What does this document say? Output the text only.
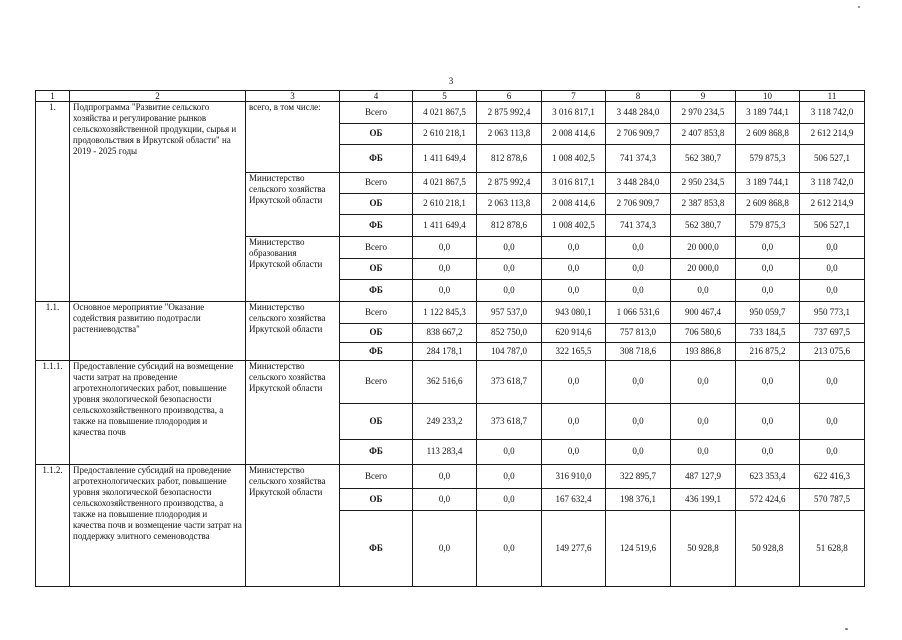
3
1	2	3	4	5	6	7	8	9	10	11
1.	Подпрограмма "Развитие сельского хозяйства и регулирование рынков сельскохозяйственной продукции, сырья и продовольствия в Иркутской области" на 2019 - 2025 годы	всего, в том числе:	Всего	4 021 867,5	2 875 992,4	3 016 817,1	3 448 284,0	2 970 234,5	3 189 744,1	3 118 742,0
			ОБ	2 610 218,1	2 063 113,8	2 008 414,6	2 706 909,7	2 407 853,8	2 609 868,8	2 612 214,9
			ФБ	1 411 649,4	812 878,6	1 008 402,5	741 374,3	562 380,7	579 875,3	506 527,1
		Министерство сельского хозяйства Иркутской области	Всего	4 021 867,5	2 875 992,4	3 016 817,1	3 448 284,0	2 950 234,5	3 189 744,1	3 118 742,0
			ОБ	2 610 218,1	2 063 113,8	2 008 414,6	2 706 909,7	2 387 853,8	2 609 868,8	2 612 214,9
			ФБ	1 411 649,4	812 878,6	1 008 402,5	741 374,3	562 380,7	579 875,3	506 527,1
		Министерство образования Иркутской области	Всего	0,0	0,0	0,0	0,0	20 000,0	0,0	0,0
			ОБ	0,0	0,0	0,0	0,0	20 000,0	0,0	0,0
			ФБ	0,0	0,0	0,0	0,0	0,0	0,0	0,0
1.1.	Основное мероприятие "Оказание содействия развитию подотрасли растениеводства"	Министерство сельского хозяйства Иркутской области	Всего	1 122 845,3	957 537,0	943 080,1	1 066 531,6	900 467,4	950 059,7	950 773,1
			ОБ	838 667,2	852 750,0	620 914,6	757 813,0	706 580,6	733 184,5	737 697,5
			ФБ	284 178,1	104 787,0	322 165,5	308 718,6	193 886,8	216 875,2	213 075,6
1.1.1.	Предоставление субсидий на возмещение части затрат на проведение агротехнологических работ, повышение уровня экологической безопасности сельскохозяйственного производства, а также на повышение плодородия и качества почв	Министерство сельского хозяйства Иркутской области	Всего	362 516,6	373 618,7	0,0	0,0	0,0	0,0	0,0
			ОБ	249 233,2	373 618,7	0,0	0,0	0,0	0,0	0,0
			ФБ	113 283,4	0,0	0,0	0,0	0,0	0,0	0,0
1.1.2.	Предоставление субсидий на проведение агротехнологических работ, повышение уровня экологической безопасности сельскохозяйственного производства, а также на повышение плодородия и качества почв и возмещение части затрат на поддержку элитного семеноводства	Министерство сельского хозяйства Иркутской области	Всего	0,0	0,0	316 910,0	322 895,7	487 127,9	623 353,4	622 416,3
			ОБ	0,0	0,0	167 632,4	198 376,1	436 199,1	572 424,6	570 787,5
			ФБ	0,0	0,0	149 277,6	124 519,6	50 928,8	50 928,8	51 628,8
